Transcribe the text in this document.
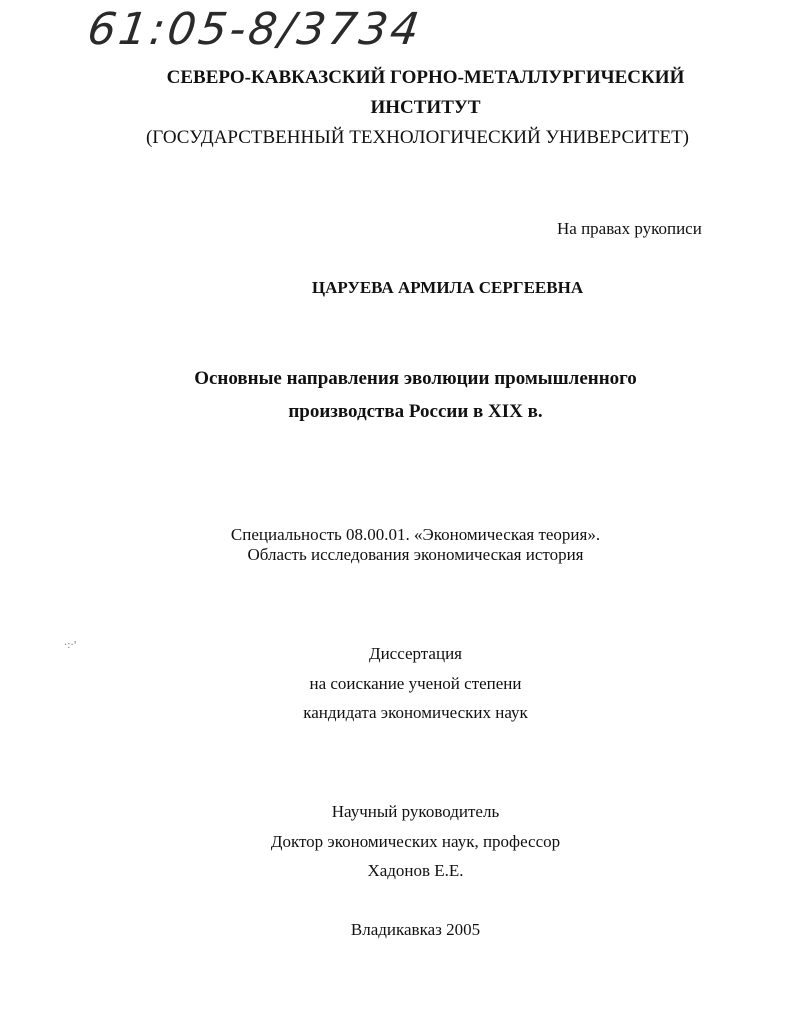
61:05-8/3734
СЕВЕРО-КАВКАЗСКИЙ ГОРНО-МЕТАЛЛУРГИЧЕСКИЙ
ИНСТИТУТ
(ГОСУДАРСТВЕННЫЙ ТЕХНОЛОГИЧЕСКИЙ УНИВЕРСИТЕТ)
На правах рукописи
ЦАРУЕВА АРМИЛА СЕРГЕЕВНА
Основные направления эволюции промышленного
производства России в XIX в.
Специальность 08.00.01. «Экономическая теория».
Область исследования экономическая история
·:·'	Диссертация
на соискание ученой степени
кандидата экономических наук
Научный руководитель
Доктор экономических наук, профессор
Хадонов Е.Е.
Владикавказ 2005
